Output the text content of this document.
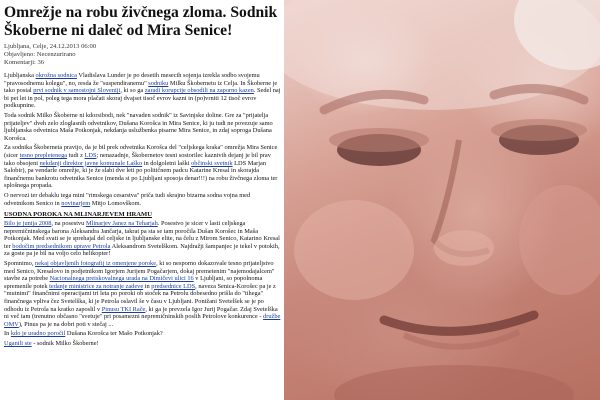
Omrežje na robu živčnega zloma. Sodnik Škoberne ni daleč od Mira Senice!
Ljubljana, Celje, 24.12.2013 06:00
Objavljeno: Necenzurirano
Komentarji: 36

Ljubljanska okrožna sodnica Vladislava Lunder je po desetih mesecih sojenja izrekla sodbo svojemu "pravosodnemu kolegu", no, resda že "suspendiranemu" sodniku Milku Škobernetu iz Celja. In Škoberne je tako postal prvi sodnik v samostojni Sloveniji, ki so ga zaradi korupcije obsodili na zaporno kazen. Sedel naj bi pet let in pol, poleg tega mora plačati skoraj dvajset tisoč evrov kazni in (po)vrniti 12 tisoč evrov podkupnine.

Toda sodnik Milko Škoberne ni kdorsibodi, nek "navaden sodnik" iz Savinjske doline. Gre za "prijatelja prijateljev" dveh zelo zloglasnih odvetnikov, Dušana Korošca in Mira Senice, ki ju tudi ne povezuje samo ljubljanska odvetnica Maša Potkonjak, nekdanja uslužbenka pisarne Mira Senice, in zdaj soproga Dušana Korošca.

Za sodnika Škoberneta pravijo, da je bil prek odvetnika Korošca del "celjskega kraka" omrežja Mira Senice (sicer tesno prepletenega tudi z LDS; nenazadnje, Škobernetov tesni sostorilec kaznivih dejanj je bil prav tako obsojeni nekdanji direktor javne komunale Laško in dolgoletni laški občinski svetnik LDS Marjan Salobir), pa vendarle omrežje, ki je že slabi dve leti po političnem padcu Katarine Kresal in skorajda finančnemu bankrotu odvetnika Senice (menda si po Ljubljani sposoja denar!!!) na robu živčnega zloma ter splošnega propada.

O nervozi ter debaklu tega mini "rimskega cesarstva" priča tudi skrajno bizarna sodna vojna med odvetnikom Senico in novinarjem Mitjo Lomovškom.

USODNA POROKA NA MLINARJEVEM HRAMU

Bilo je junija 2008, na posestvu Mlinarjev Janez na Teharjah. Posestvo je sicer v lasti celjskega nepremičninskega barona Aleksandra Jančarja, takrat pa sta se tam poročila Dušan Korošec in Maša Potkonjak. Med svati se je sprehajal del celjske in ljubljanske elite, na čelu z Mirom Senico, Katarino Kresal ter bodočim predsednikom uprave Petrola Aleksandrom Svetelškom. Najdražji šampanjec je tekel v potokih, za goste pa je bil na voljo celo helikopter!

Spomnimo, nekaj objavljenih fotografij iz omenjene poroke, ki so nesporno dokazovale tesno prijateljstvo med Senico, Kresalovo in podjetnikom Igorjem Jurijem Pogačarjem, dokaj premetenim "najemodajalcem" stavbe za potrebe Nacionalnega preiskovalnega urada na Dimičevi ulici 16 v Ljubljani, so popolnoma spremenile potek tedanje ministrice za notranje zadeve in predsednice LDS, naveza Senica-Korošec pa je z "mutnimi" finančnimi operacijami tri leta po poroki ob stoček na Petrolu dobesedno prišla do "tihega" finančnega vpliva čez Svetelška, ki je Petrola oslavil še v času v Ljubljani. Ponižani Svetelšek se je po odhodu iz Petrola na kratko zaposlil v Pinusu TKI Rače, ki ga je prevzela Igor Jurij Pogačar. Zdaj Svetelška ni več tam (trenutno občasno "svetuje" pri posamezni nepremičninskih poslih Petrolove konkurence - družbe OMV), Pinus pa je na dobri poti v stečaj ...

In kdo je uradno poročil Dušana Korošca ter Mašo Potkonjak?

Uganili ste - sodnik Milko Škoberne!
